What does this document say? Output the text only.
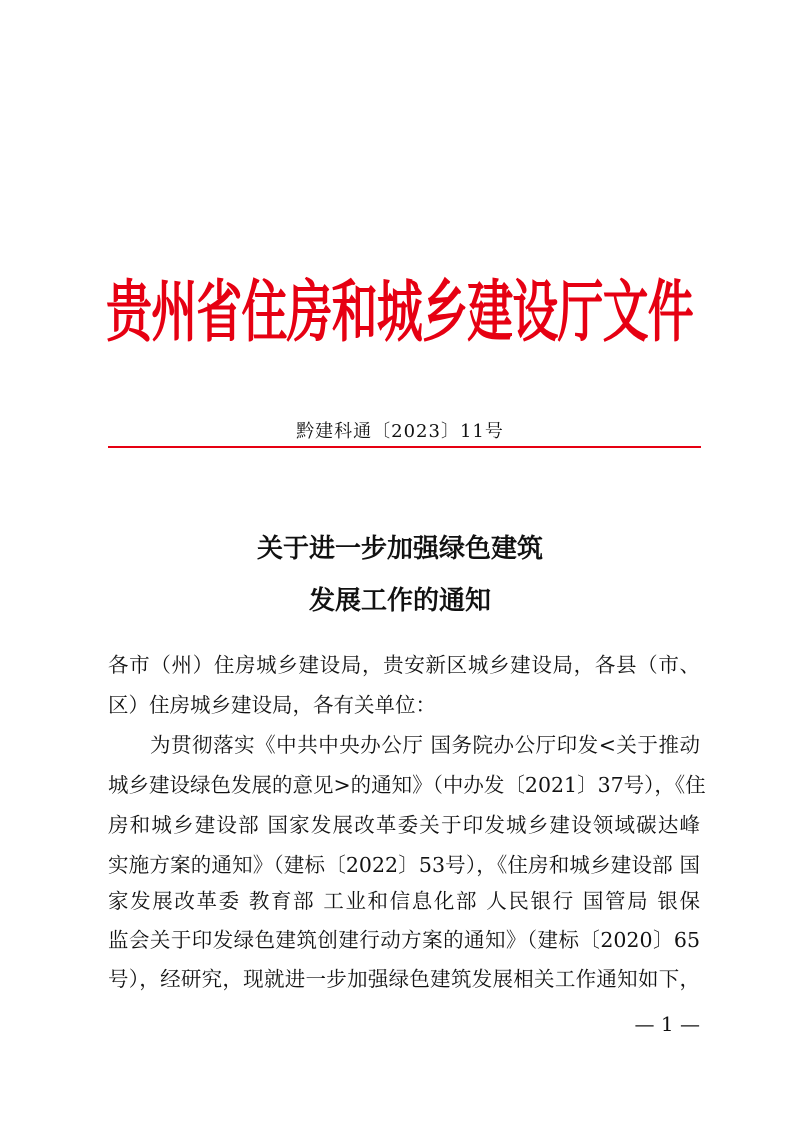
贵州省住房和城乡建设厅文件
黔建科通〔2023〕11号
关于进一步加强绿色建筑
发展工作的通知
各市（州）住房城乡建设局，贵安新区城乡建设局，各县（市、
区）住房城乡建设局，各有关单位：
为贯彻落实《中共中央办公厅 国务院办公厅印发<关于推动
城乡建设绿色发展的意见>的通知》（中办发〔2021〕37号），《住
房和城乡建设部 国家发展改革委关于印发城乡建设领域碳达峰
实施方案的通知》（建标〔2022〕53号），《住房和城乡建设部 国
家发展改革委 教育部 工业和信息化部 人民银行 国管局 银保
监会关于印发绿色建筑创建行动方案的通知》（建标〔2020〕65
号），经研究，现就进一步加强绿色建筑发展相关工作通知如下，
— 1 —
